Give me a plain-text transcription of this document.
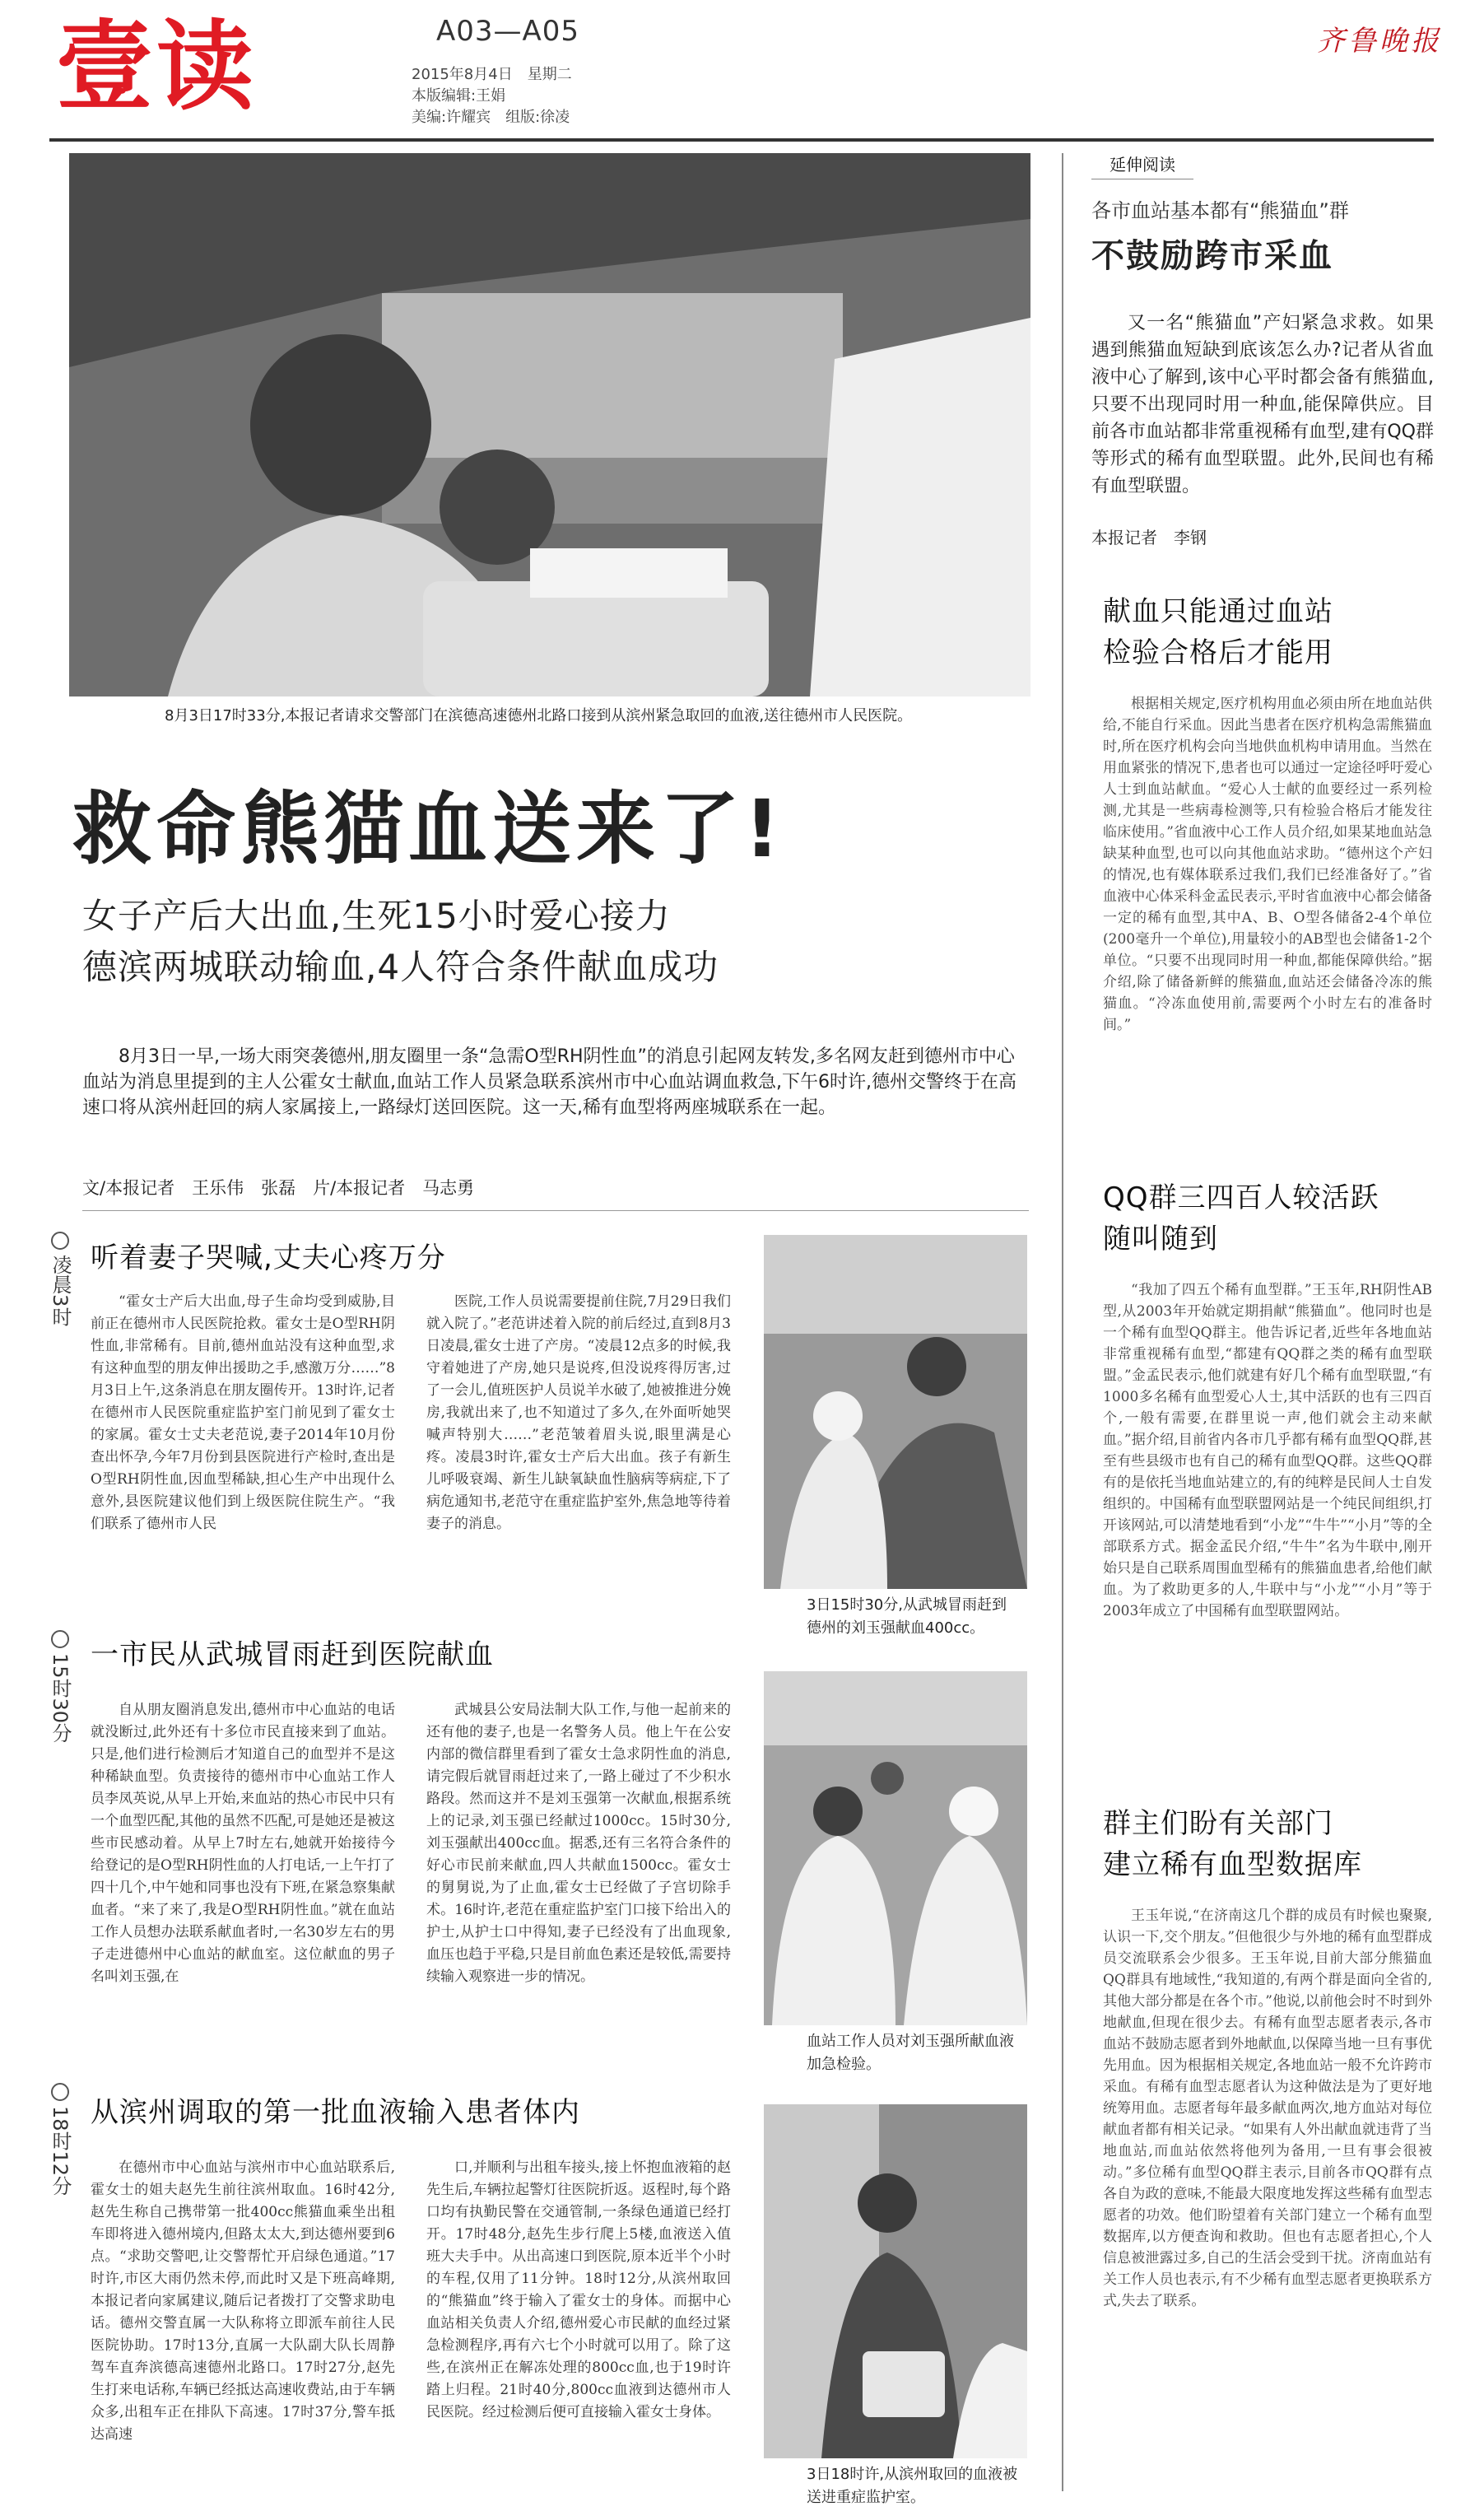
壹读	A03—A05
2015年8月4日　星期二
本版编辑:王娟
美编:许耀宾　组版:徐凌
齐鲁晚报
8月3日17时33分,本报记者请求交警部门在滨德高速德州北路口接到从滨州紧急取回的血液,送往德州市人民医院。
救命熊猫血送来了!
女子产后大出血,生死15小时爱心接力
德滨两城联动输血,4人符合条件献血成功
8月3日一早,一场大雨突袭德州,朋友圈里一条“急需O型RH阴性血”的消息引起网友转发,多名网友赶到德州市中心血站为消息里提到的主人公霍女士献血,血站工作人员紧急联系滨州市中心血站调血救急,下午6时许,德州交警终于在高速口将从滨州赶回的病人家属接上,一路绿灯送回医院。这一天,稀有血型将两座城联系在一起。
文/本报记者　王乐伟　张磊　片/本报记者　马志勇
凌晨3时 听着妻子哭喊,丈夫心疼万分
“霍女士产后大出血,母子生命均受到威胁,目前正在德州市人民医院抢救。霍女士是O型RH阴性血,非常稀有。目前,德州血站没有这种血型,求有这种血型的朋友伸出援助之手,感激万分……”8月3日上午,这条消息在朋友圈传开。13时许,记者在德州市人民医院重症监护室门前见到了霍女士的家属。霍女士丈夫老范说,妻子2014年10月份查出怀孕,今年7月份到县医院进行产检时,查出是O型RH阴性血,因血型稀缺,担心生产中出现什么意外,县医院建议他们到上级医院住院生产。“我们联系了德州市人民
医院,工作人员说需要提前住院,7月29日我们就入院了。”老范讲述着入院的前后经过,直到8月3日凌晨,霍女士进了产房。“凌晨12点多的时候,我守着她进了产房,她只是说疼,但没说疼得厉害,过了一会儿,值班医护人员说羊水破了,她被推进分娩房,我就出来了,也不知道过了多久,在外面听她哭喊声特别大……”老范皱着眉头说,眼里满是心疼。凌晨3时许,霍女士产后大出血。孩子有新生儿呼吸衰竭、新生儿缺氧缺血性脑病等病症,下了病危通知书,老范守在重症监护室外,焦急地等待着妻子的消息。
15时30分 一市民从武城冒雨赶到医院献血
自从朋友圈消息发出,德州市中心血站的电话就没断过,此外还有十多位市民直接来到了血站。只是,他们进行检测后才知道自己的血型并不是这种稀缺血型。负责接待的德州市中心血站工作人员李凤英说,从早上开始,来血站的热心市民中只有一个血型匹配,其他的虽然不匹配,可是她还是被这些市民感动着。从早上7时左右,她就开始接待今给登记的是O型RH阴性血的人打电话,一上午打了四十几个,中午她和同事也没有下班,在紧急察集献血者。“来了来了,我是O型RH阴性血。”就在血站工作人员想办法联系献血者时,一名30岁左右的男子走进德州中心血站的献血室。这位献血的男子名叫刘玉强,在
武城县公安局法制大队工作,与他一起前来的还有他的妻子,也是一名警务人员。他上午在公安内部的微信群里看到了霍女士急求阴性血的消息,请完假后就冒雨赶过来了,一路上碰过了不少积水路段。然而这并不是刘玉强第一次献血,根据系统上的记录,刘玉强已经献过1000cc。15时30分,刘玉强献出400cc血。据悉,还有三名符合条件的好心市民前来献血,四人共献血1500cc。霍女士的舅舅说,为了止血,霍女士已经做了子宫切除手术。16时许,老范在重症监护室门口接下给出入的护士,从护士口中得知,妻子已经没有了出血现象,血压也趋于平稳,只是目前血色素还是较低,需要持续输入观察进一步的情况。
18时12分 从滨州调取的第一批血液输入患者体内
在德州市中心血站与滨州市中心血站联系后,霍女士的姐夫赵先生前往滨州取血。16时42分,赵先生称自己携带第一批400cc熊猫血乘坐出租车即将进入德州境内,但路太太大,到达德州要到6点。“求助交警吧,让交警帮忙开启绿色通道。”17时许,市区大雨仍然未停,而此时又是下班高峰期,本报记者向家属建议,随后记者拨打了交警求助电话。德州交警直属一大队称将立即派车前往人民医院协助。17时13分,直属一大队副大队长周静驾车直奔滨德高速德州北路口。17时27分,赵先生打来电话称,车辆已经抵达高速收费站,由于车辆众多,出租车正在排队下高速。17时37分,警车抵达高速
口,并顺利与出租车接头,接上怀抱血液箱的赵先生后,车辆拉起警灯往医院折返。返程时,每个路口均有执勤民警在交通管制,一条绿色通道已经打开。17时48分,赵先生步行爬上5楼,血液送入值班大夫手中。从出高速口到医院,原本近半个小时的车程,仅用了11分钟。18时12分,从滨州取回的“熊猫血”终于输入了霍女士的身体。而据中心血站相关负责人介绍,德州爱心市民献的血经过紧急检测程序,再有六七个小时就可以用了。除了这些,在滨州正在解冻处理的800cc血,也于19时许踏上归程。21时40分,800cc血液到达德州市人民医院。经过检测后便可直接输入霍女士身体。
3日15时30分,从武城冒雨赶到德州的刘玉强献血400cc。
血站工作人员对刘玉强所献血液加急检验。
3日18时许,从滨州取回的血液被送进重症监护室。
延伸阅读
各市血站基本都有“熊猫血”群
不鼓励跨市采血
又一名“熊猫血”产妇紧急求救。如果遇到熊猫血短缺到底该怎么办?记者从省血液中心了解到,该中心平时都会备有熊猫血,只要不出现同时用一种血,能保障供应。目前各市血站都非常重视稀有血型,建有QQ群等形式的稀有血型联盟。此外,民间也有稀有血型联盟。
本报记者　李钢
献血只能通过血站
检验合格后才能用
根据相关规定,医疗机构用血必须由所在地血站供给,不能自行采血。因此当患者在医疗机构急需熊猫血时,所在医疗机构会向当地供血机构申请用血。当然在用血紧张的情况下,患者也可以通过一定途径呼吁爱心人士到血站献血。“爱心人士献的血要经过一系列检测,尤其是一些病毒检测等,只有检验合格后才能发往临床使用。”省血液中心工作人员介绍,如果某地血站急缺某种血型,也可以向其他血站求助。“德州这个产妇的情况,也有媒体联系过我们,我们已经准备好了。”省血液中心体采科金孟民表示,平时省血液中心都会储备一定的稀有血型,其中A、B、O型各储备2-4个单位(200毫升一个单位),用量较小的AB型也会储备1-2个单位。“只要不出现同时用一种血,都能保障供给。”据介绍,除了储备新鲜的熊猫血,血站还会储备冷冻的熊猫血。“冷冻血使用前,需要两个小时左右的准备时间。”
QQ群三四百人较活跃
随叫随到
“我加了四五个稀有血型群。”王玉年,RH阴性AB型,从2003年开始就定期捐献“熊猫血”。他同时也是一个稀有血型QQ群主。他告诉记者,近些年各地血站非常重视稀有血型,“都建有QQ群之类的稀有血型联盟。”金孟民表示,他们就建有好几个稀有血型联盟,“有1000多名稀有血型爱心人士,其中活跃的也有三四百个,一般有需要,在群里说一声,他们就会主动来献血。”据介绍,目前省内各市几乎都有稀有血型QQ群,甚至有些县级市也有自己的稀有血型QQ群。这些QQ群有的是依托当地血站建立的,有的纯粹是民间人士自发组织的。中国稀有血型联盟网站是一个纯民间组织,打开该网站,可以清楚地看到“小龙”“牛牛”“小月”等的全部联系方式。据金孟民介绍,“牛牛”名为牛联中,刚开始只是自己联系周围血型稀有的熊猫血患者,给他们献血。为了救助更多的人,牛联中与“小龙”“小月”等于2003年成立了中国稀有血型联盟网站。
群主们盼有关部门
建立稀有血型数据库
王玉年说,“在济南这几个群的成员有时候也聚聚,认识一下,交个朋友。”但他很少与外地的稀有血型群成员交流联系会少很多。王玉年说,目前大部分熊猫血QQ群具有地域性,“我知道的,有两个群是面向全省的,其他大部分都是在各个市。”他说,以前他会时不时到外地献血,但现在很少去。有稀有血型志愿者表示,各市血站不鼓励志愿者到外地献血,以保障当地一旦有事优先用血。因为根据相关规定,各地血站一般不允许跨市采血。有稀有血型志愿者认为这种做法是为了更好地统筹用血。志愿者每年最多献血两次,地方血站对每位献血者都有相关记录。“如果有人外出献血就违背了当地血站,而血站依然将他列为备用,一旦有事会很被动。”多位稀有血型QQ群主表示,目前各市QQ群有点各自为政的意味,不能最大限度地发挥这些稀有血型志愿者的功效。他们盼望着有关部门建立一个稀有血型数据库,以方便查询和救助。但也有志愿者担心,个人信息被泄露过多,自己的生活会受到干扰。济南血站有关工作人员也表示,有不少稀有血型志愿者更换联系方式,失去了联系。
